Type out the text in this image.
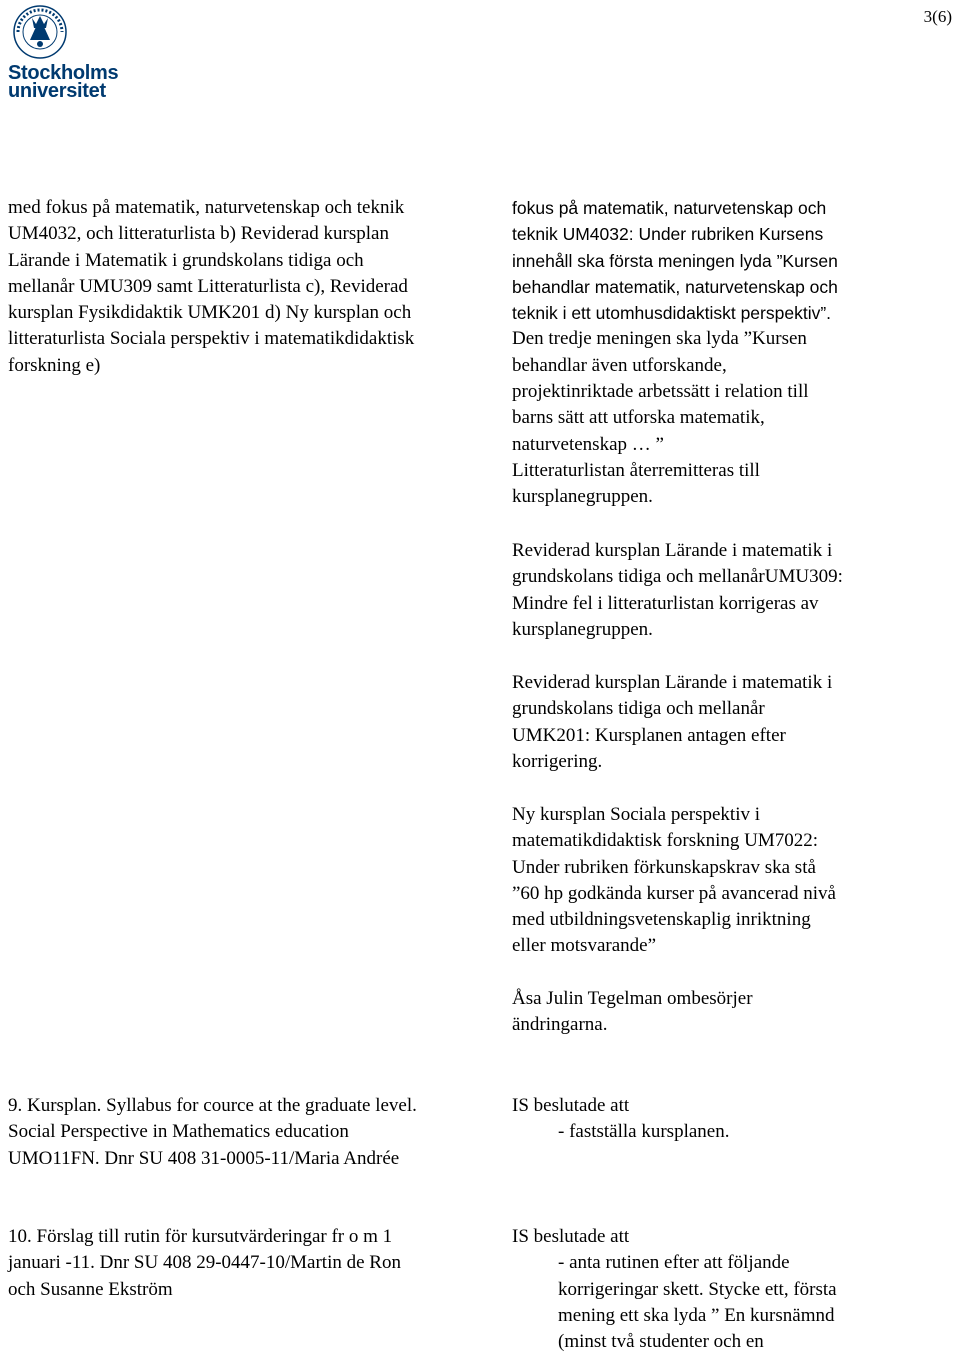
3(6)
Stockholms
universitet
med fokus på matematik, naturvetenskap och teknik
UM4032, och litteraturlista b) Reviderad kursplan
Lärande i Matematik i grundskolans tidiga och
mellanår UMU309 samt Litteraturlista c), Reviderad
kursplan Fysikdidaktik UMK201 d) Ny kursplan och
litteraturlista Sociala perspektiv i matematikdidaktisk
forskning e)
fokus på matematik, naturvetenskap och
teknik UM4032: Under rubriken Kursens
innehåll ska första meningen lyda ”Kursen
behandlar matematik, naturvetenskap och
teknik i ett utomhusdidaktiskt perspektiv”.
Den tredje meningen ska lyda ”Kursen
behandlar även utforskande,
projektinriktade arbetssätt i relation till
barns sätt att utforska matematik,
naturvetenskap … ”
Litteraturlistan återremitteras till
kursplanegruppen.
Reviderad kursplan Lärande i matematik i
grundskolans tidiga och mellanårUMU309:
Mindre fel i litteraturlistan korrigeras av
kursplanegruppen.
Reviderad kursplan Lärande i matematik i
grundskolans tidiga och mellanår
UMK201: Kursplanen antagen efter
korrigering.
Ny kursplan Sociala perspektiv i
matematikdidaktisk forskning UM7022:
Under rubriken förkunskapskrav ska stå
”60 hp godkända kurser på avancerad nivå
med utbildningsvetenskaplig inriktning
eller motsvarande”
Åsa Julin Tegelman ombesörjer
ändringarna.
9. Kursplan. Syllabus for cource at the graduate level.
Social Perspective in Mathematics education
UMO11FN. Dnr SU 408 31-0005-11/Maria Andrée
IS beslutade att
- fastställa kursplanen.
10. Förslag till rutin för kursutvärderingar fr o m 1
januari -11. Dnr SU 408 29-0447-10/Martin de Ron
och Susanne Ekström
IS beslutade att
- anta rutinen efter att följande
korrigeringar skett. Stycke ett, första
mening ett ska lyda ” En kursnämnd
(minst två studenter och en
